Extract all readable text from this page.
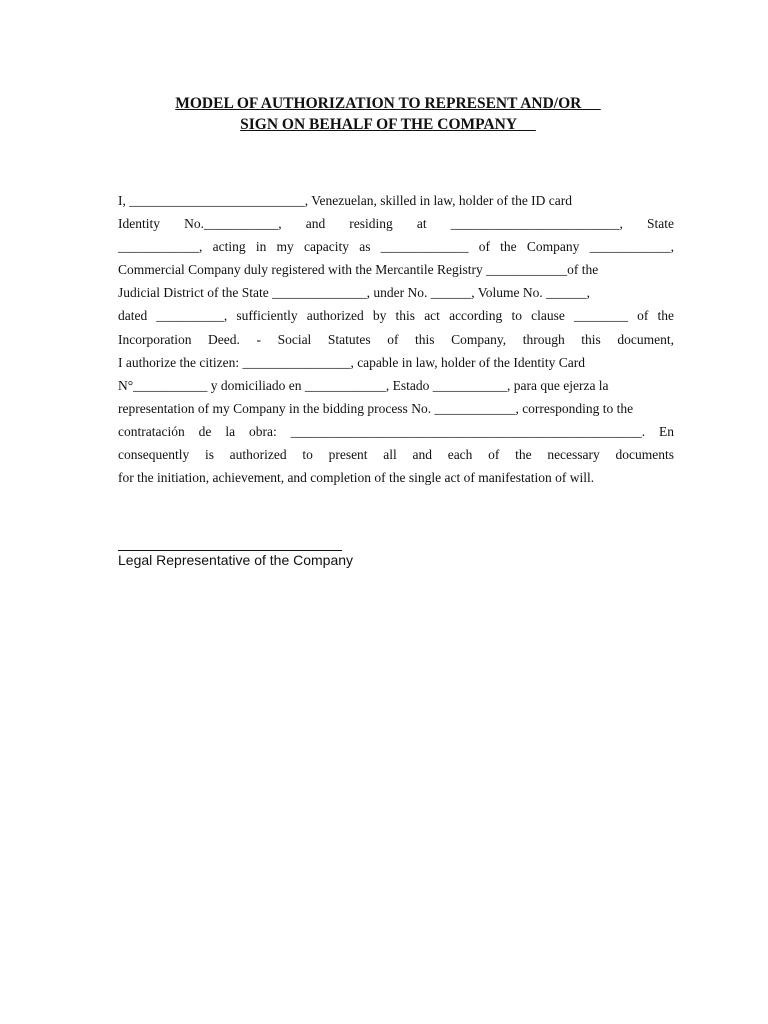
MODEL OF AUTHORIZATION TO REPRESENT AND/OR
SIGN ON BEHALF OF THE COMPANY
I, __________________________, Venezuelan, skilled in law, holder of the ID card
Identity No.___________, and residing at _________________________, State
____________, acting in my capacity as _____________ of the Company ____________,
Commercial Company duly registered with the Mercantile Registry ____________of the
Judicial District of the State ______________, under No. ______, Volume No. ______,
dated __________, sufficiently authorized by this act according to clause ________ of the
Incorporation Deed. - Social Statutes of this Company, through this document,
I authorize the citizen: ________________, capable in law, holder of the Identity Card
N°___________ y domiciliado en ____________, Estado ___________, para que ejerza la
representation of my Company in the bidding process No. ____________, corresponding to the
contratación de la obra: ____________________________________________________. En
consequently is authorized to present all and each of the necessary documents
for the initiation, achievement, and completion of the single act of manifestation of will.
Legal Representative of the Company
